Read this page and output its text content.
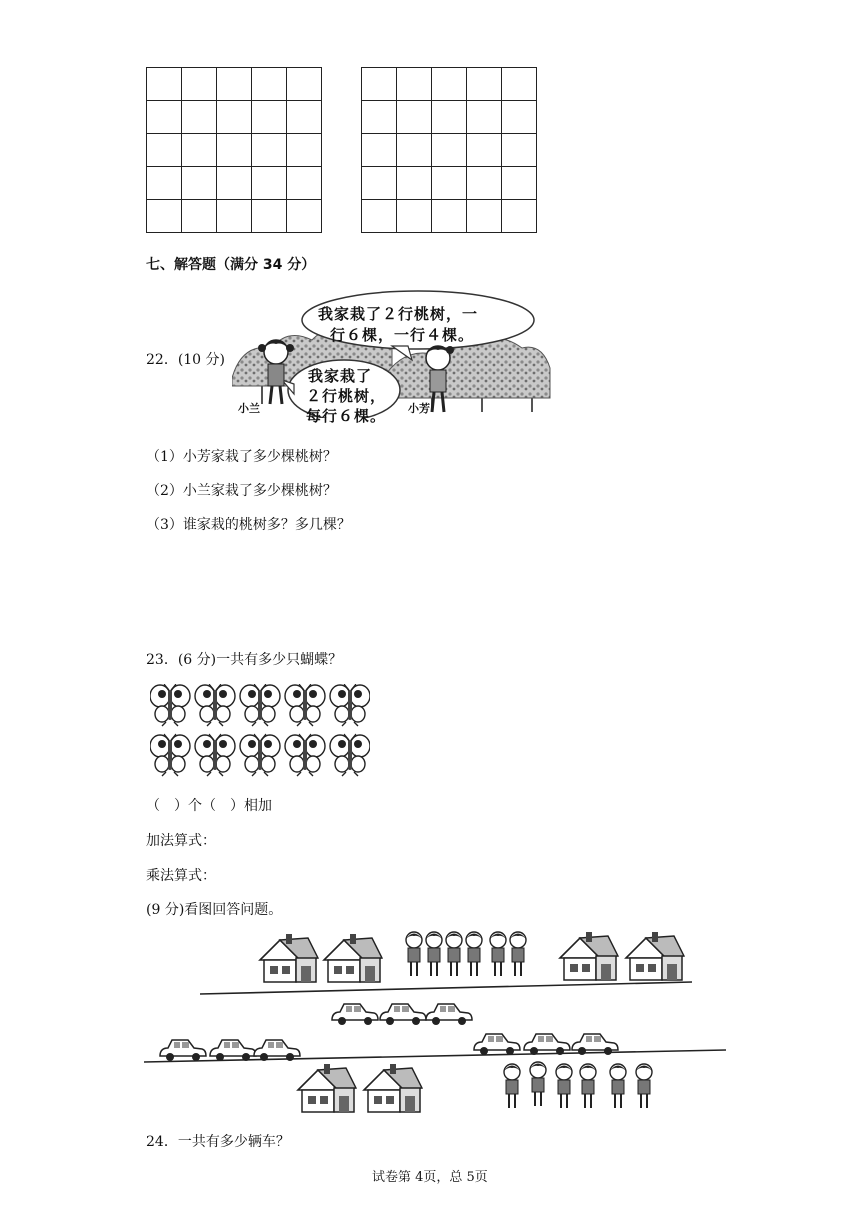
七、解答题（满分 34 分）
22．(10 分)
我家栽了２行桃树，一
行６棵，一行４棵。
我家栽了
２行桃树，
每行６棵。
小兰	小芳
（1）小芳家栽了多少棵桃树？
（2）小兰家栽了多少棵桃树？
（3）谁家栽的桃树多？多几棵？
23．(6 分)一共有多少只蝴蝶？
（　）个（　）相加
加法算式：
乘法算式：
(9 分)看图回答问题。
24．一共有多少辆车？
试卷第 4页，总 5页
